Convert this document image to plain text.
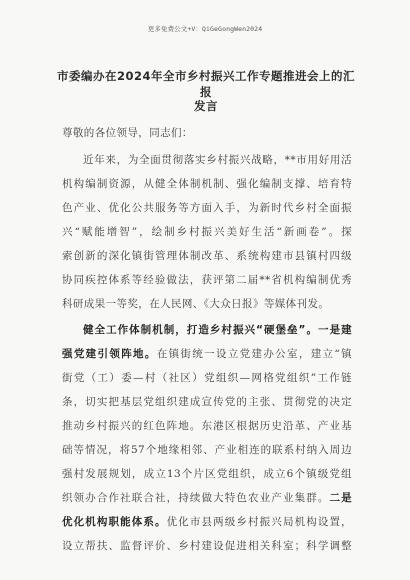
更多免费公文+V：QiGeGongWen2024
市委编办在2024年全市乡村振兴工作专题推进会上的汇报
发言
尊敬的各位领导，同志们：
近年来，为全面贯彻落实乡村振兴战略，**市用好用活
机构编制资源，从健全体制机制、强化编制支撑、培育特
色产业、优化公共服务等方面入手，为新时代乡村全面振
兴“赋能增智”，绘制乡村振兴美好生活“新画卷”。探
索创新的深化镇街管理体制改革、系统构建市县镇村四级
协同疾控体系等经验做法，获评第二届**省机构编制优秀
科研成果一等奖，在人民网、《大众日报》等媒体刊发。
健全工作体制机制，打造乡村振兴“硬堡垒”。一是建
强党建引领阵地。在镇街统一设立党建办公室，建立“镇
街党（工）委—村（社区）党组织—网格党组织”工作链
条，切实把基层党组织建成宣传党的主张、贯彻党的决定
推动乡村振兴的红色阵地。东港区根据历史沿革、产业基
础等情况，将57个地缘相邻、产业相连的联系村纳入周边
强村发展规划，成立13个片区党组织，成立6个镇级党组
织领办合作社联合社，持续做大特色农业产业集群。二是
优化机构职能体系。优化市县两级乡村振兴局机构设置，
设立帮扶、监督评价、乡村建设促进相关科室；科学调整
